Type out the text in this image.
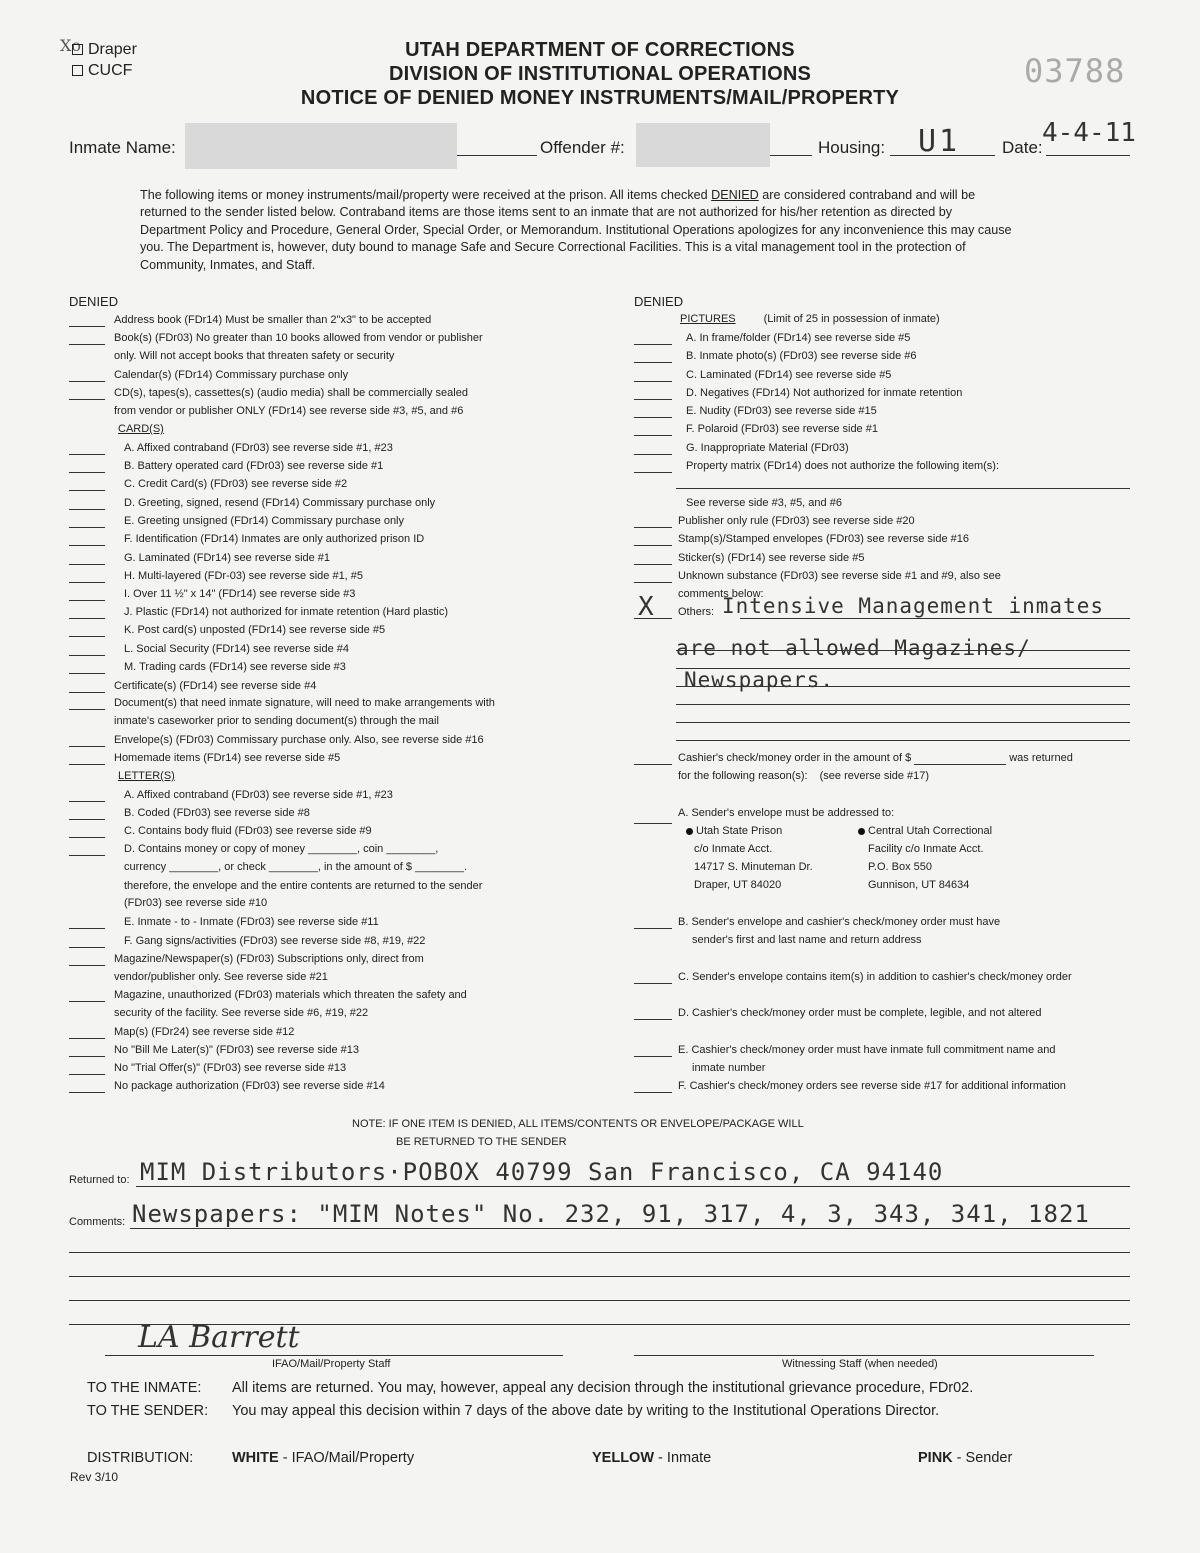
Xo Draper
CUCF
UTAH DEPARTMENT OF CORRECTIONS
DIVISION OF INSTITUTIONAL OPERATIONS
NOTICE OF DENIED MONEY INSTRUMENTS/MAIL/PROPERTY
03788
Inmate Name:	Offender #:	Housing: U1 Date: 4-4-11
The following items or money instruments/mail/property were received at the prison. All items checked DENIED are considered contraband and will be returned to the sender listed below. Contraband items are those items sent to an inmate that are not authorized for his/her retention as directed by Department Policy and Procedure, General Order, Special Order, or Memorandum. Institutional Operations apologizes for any inconvenience this may cause you. The Department is, however, duty bound to manage Safe and Secure Correctional Facilities. This is a vital management tool in the protection of Community, Inmates, and Staff.
DENIED
Address book (FDr14) Must be smaller than 2"x3" to be accepted
Book(s) (FDr03) No greater than 10 books allowed from vendor or publisher
only. Will not accept books that threaten safety or security
Calendar(s) (FDr14) Commissary purchase only
CD(s), tapes(s), cassettes(s) (audio media) shall be commercially sealed
from vendor or publisher ONLY (FDr14) see reverse side #3, #5, and #6
CARD(S)
A. Affixed contraband (FDr03) see reverse side #1, #23
B. Battery operated card (FDr03) see reverse side #1
C. Credit Card(s) (FDr03) see reverse side #2
D. Greeting, signed, resend (FDr14) Commissary purchase only
E. Greeting unsigned (FDr14) Commissary purchase only
F. Identification (FDr14) Inmates are only authorized prison ID
G. Laminated (FDr14) see reverse side #1
H. Multi-layered (FDr-03) see reverse side #1, #5
I. Over 11 ½" x 14" (FDr14) see reverse side #3
J. Plastic (FDr14) not authorized for inmate retention (Hard plastic)
K. Post card(s) unposted (FDr14) see reverse side #5
L. Social Security (FDr14) see reverse side #4
M. Trading cards (FDr14) see reverse side #3
Certificate(s) (FDr14) see reverse side #4
Document(s) that need inmate signature, will need to make arrangements with
inmate's caseworker prior to sending document(s) through the mail
Envelope(s) (FDr03) Commissary purchase only. Also, see reverse side #16
Homemade items (FDr14) see reverse side #5
LETTER(S)
A. Affixed contraband (FDr03) see reverse side #1, #23
B. Coded (FDr03) see reverse side #8
C. Contains body fluid (FDr03) see reverse side #9
D. Contains money or copy of money ________, coin ________,
currency ________, or check ________, in the amount of $ ________.
therefore, the envelope and the entire contents are returned to the sender
(FDr03) see reverse side #10
E. Inmate - to - Inmate (FDr03) see reverse side #11
F. Gang signs/activities (FDr03) see reverse side #8, #19, #22
Magazine/Newspaper(s) (FDr03) Subscriptions only, direct from
vendor/publisher only. See reverse side #21
Magazine, unauthorized (FDr03) materials which threaten the safety and
security of the facility. See reverse side #6, #19, #22
Map(s) (FDr24) see reverse side #12
No "Bill Me Later(s)" (FDr03) see reverse side #13
No "Trial Offer(s)" (FDr03) see reverse side #13
No package authorization (FDr03) see reverse side #14
DENIED
PICTURES	(Limit of 25 in possession of inmate)
A. In frame/folder (FDr14) see reverse side #5
B. Inmate photo(s) (FDr03) see reverse side #6
C. Laminated (FDr14) see reverse side #5
D. Negatives (FDr14) Not authorized for inmate retention
E. Nudity (FDr03) see reverse side #15
F. Polaroid (FDr03) see reverse side #1
G. Inappropriate Material (FDr03)
Property matrix (FDr14) does not authorize the following item(s):
See reverse side #3, #5, and #6
Publisher only rule (FDr03) see reverse side #20
Stamp(s)/Stamped envelopes (FDr03) see reverse side #16
Sticker(s) (FDr14) see reverse side #5
Unknown substance (FDr03) see reverse side #1 and #9, also see
comments below:
Others:
X	Intensive Management inmates
are not allowed Magazines/
Newspapers.
Cashier's check/money order in the amount of $	was returned
for the following reason(s): (see reverse side #17)
A. Sender's envelope must be addressed to:
Utah State Prison
c/o Inmate Acct.
14717 S. Minuteman Dr.
Draper, UT 84020
Central Utah Correctional
Facility c/o Inmate Acct.
P.O. Box 550
Gunnison, UT 84634
B. Sender's envelope and cashier's check/money order must have
sender's first and last name and return address
C. Sender's envelope contains item(s) in addition to cashier's check/money order
D. Cashier's check/money order must be complete, legible, and not altered
E. Cashier's check/money order must have inmate full commitment name and
inmate number
F. Cashier's check/money orders see reverse side #17 for additional information
NOTE: IF ONE ITEM IS DENIED, ALL ITEMS/CONTENTS OR ENVELOPE/PACKAGE WILL
BE RETURNED TO THE SENDER
Returned to: MIM Distributors·POBOX 40799 San Francisco, CA 94140
Comments: Newspapers: "MIM Notes" No. 232, 91, 317, 4, 3, 343, 341, 1821
LA Barrett
IFAO/Mail/Property Staff	Witnessing Staff (when needed)
TO THE INMATE: All items are returned. You may, however, appeal any decision through the institutional grievance procedure, FDr02.
TO THE SENDER: You may appeal this decision within 7 days of the above date by writing to the Institutional Operations Director.
DISTRIBUTION:	WHITE - IFAO/Mail/Property	YELLOW - Inmate	PINK - Sender
Rev 3/10
